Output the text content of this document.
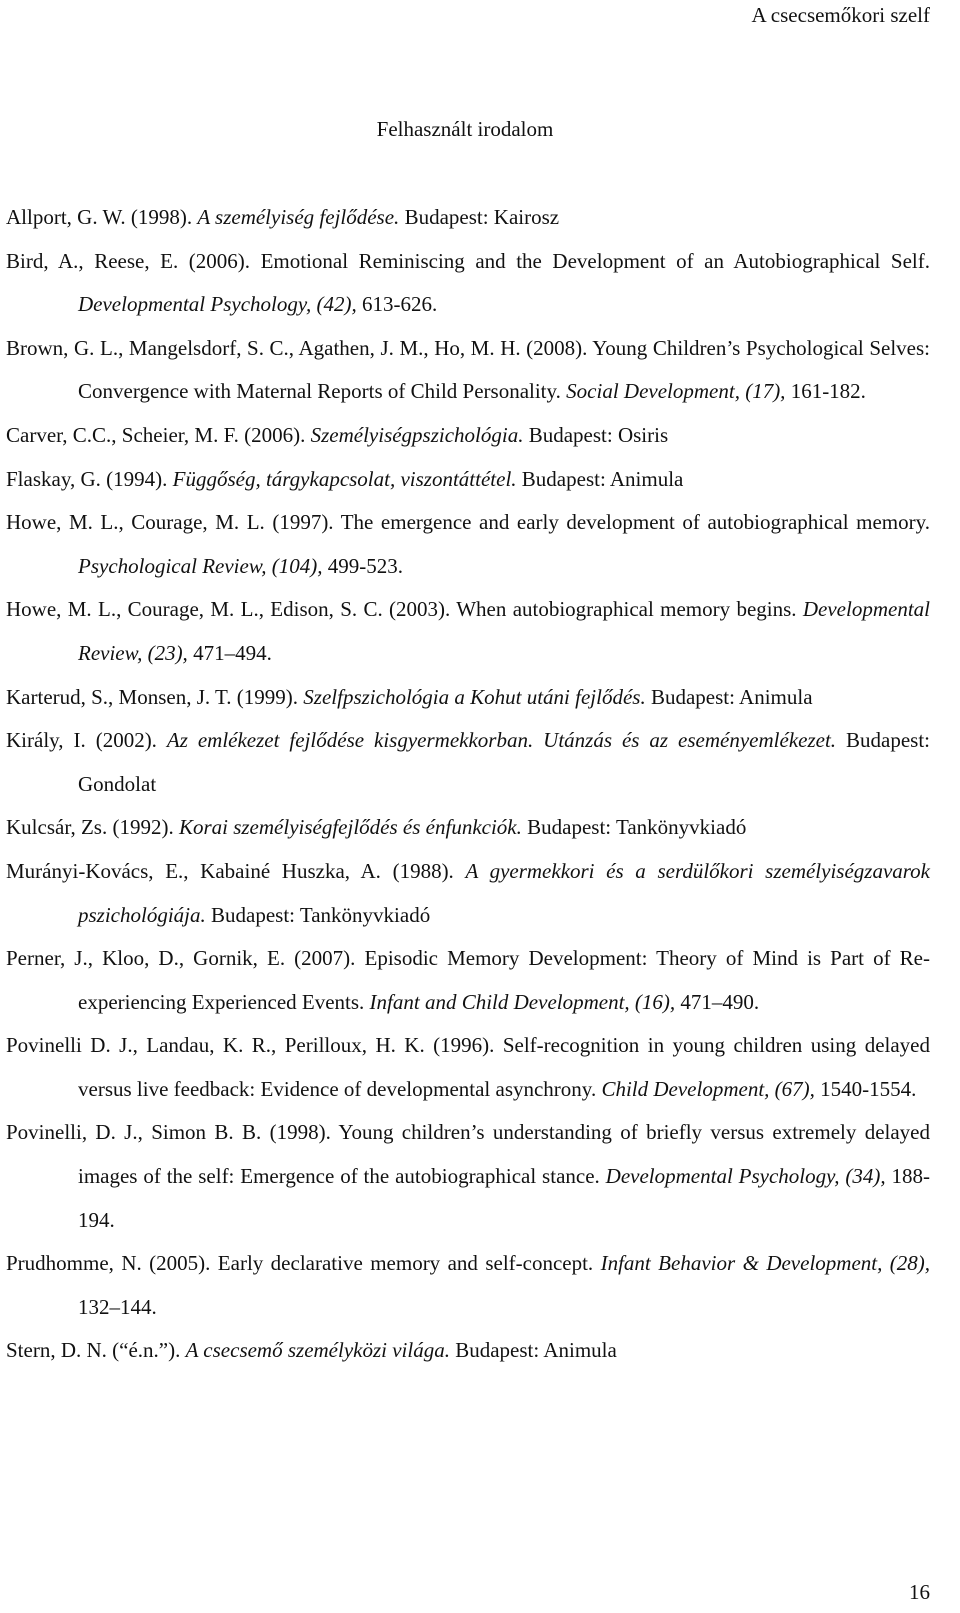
A csecsemőkori szelf
Felhasznált irodalom
Allport, G. W. (1998). A személyiség fejlődése. Budapest: Kairosz
Bird, A., Reese, E. (2006). Emotional Reminiscing and the Development of an Autobiographical Self. Developmental Psychology, (42), 613-626.
Brown, G. L., Mangelsdorf, S. C., Agathen, J. M., Ho, M. H. (2008). Young Children’s Psychological Selves: Convergence with Maternal Reports of Child Personality. Social Development, (17), 161-182.
Carver, C.C., Scheier, M. F. (2006). Személyiségpszichológia. Budapest: Osiris
Flaskay, G. (1994). Függőség, tárgykapcsolat, viszontáttétel. Budapest: Animula
Howe, M. L., Courage, M. L. (1997). The emergence and early development of autobiographical memory. Psychological Review, (104), 499-523.
Howe, M. L., Courage, M. L., Edison, S. C. (2003). When autobiographical memory begins. Developmental Review, (23), 471–494.
Karterud, S., Monsen, J. T. (1999). Szelfpszichológia a Kohut utáni fejlődés. Budapest: Animula
Király, I. (2002). Az emlékezet fejlődése kisgyermekkorban. Utánzás és az eseményemlékezet. Budapest: Gondolat
Kulcsár, Zs. (1992). Korai személyiségfejlődés és énfunkciók. Budapest: Tankönyvkiadó
Murányi-Kovács, E., Kabainé Huszka, A. (1988). A gyermekkori és a serdülőkori személyiségzavarok pszichológiája. Budapest: Tankönyvkiadó
Perner, J., Kloo, D., Gornik, E. (2007). Episodic Memory Development: Theory of Mind is Part of Re-experiencing Experienced Events. Infant and Child Development, (16), 471–490.
Povinelli D. J., Landau, K. R., Perilloux, H. K. (1996). Self-recognition in young children using delayed versus live feedback: Evidence of developmental asynchrony. Child Development, (67), 1540-1554.
Povinelli, D. J., Simon B. B. (1998). Young children’s understanding of briefly versus extremely delayed images of the self: Emergence of the autobiographical stance. Developmental Psychology, (34), 188-194.
Prudhomme, N. (2005). Early declarative memory and self-concept. Infant Behavior & Development, (28), 132–144.
Stern, D. N. (“é.n.”). A csecsemő személyközi világa. Budapest: Animula
16
